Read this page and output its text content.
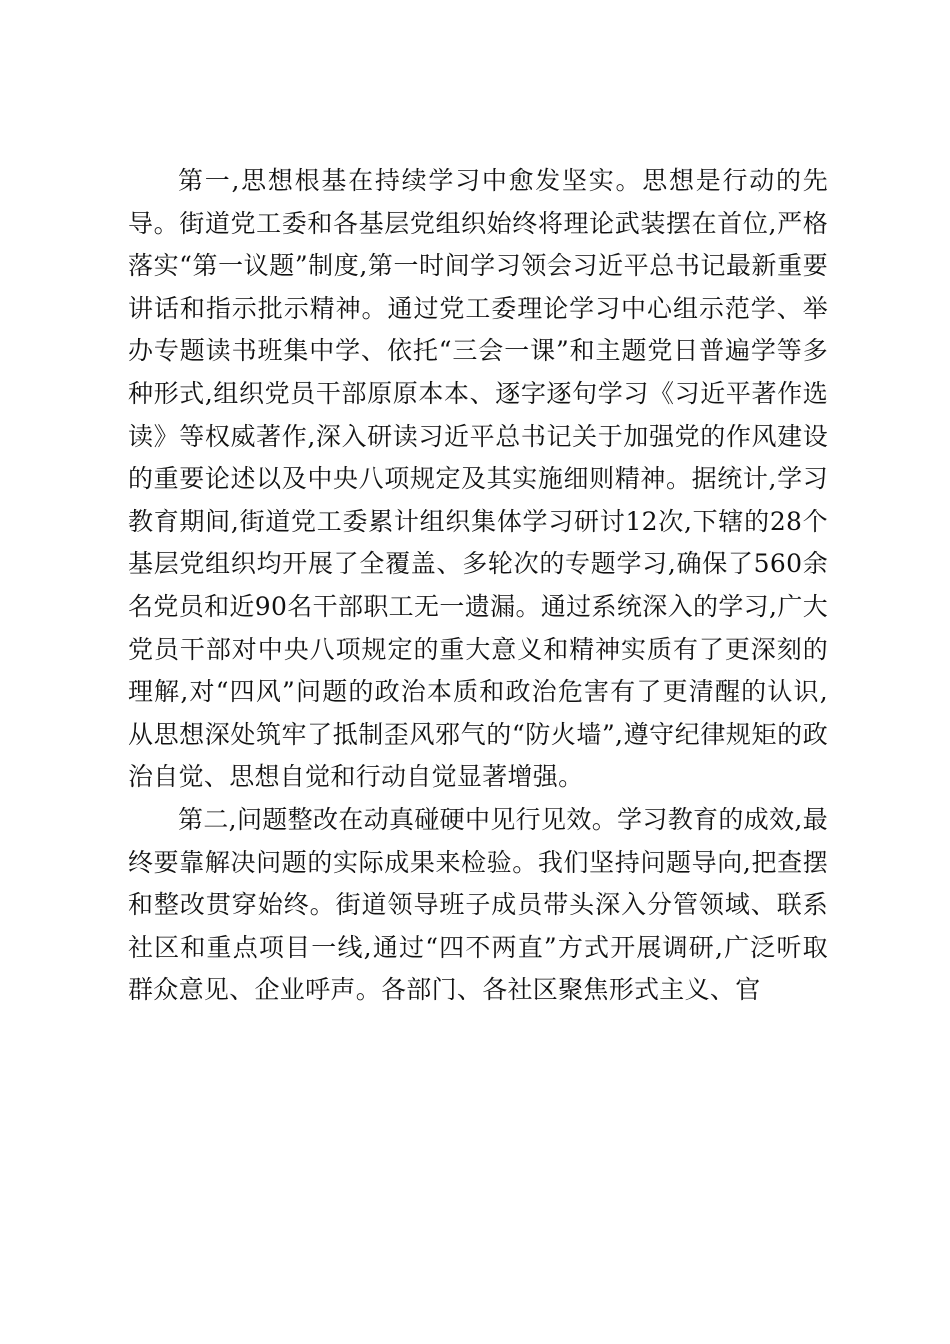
第一,思想根基在持续学习中愈发坚实。思想是行动的先导。街道党工委和各基层党组织始终将理论武装摆在首位,严格落实“第一议题”制度,第一时间学习领会习近平总书记最新重要讲话和指示批示精神。通过党工委理论学习中心组示范学、举办专题读书班集中学、依托“三会一课”和主题党日普遍学等多种形式,组织党员干部原原本本、逐字逐句学习《习近平著作选读》等权威著作,深入研读习近平总书记关于加强党的作风建设的重要论述以及中央八项规定及其实施细则精神。据统计,学习教育期间,街道党工委累计组织集体学习研讨12次,下辖的28个基层党组织均开展了全覆盖、多轮次的专题学习,确保了560余名党员和近90名干部职工无一遗漏。通过系统深入的学习,广大党员干部对中央八项规定的重大意义和精神实质有了更深刻的理解,对“四风”问题的政治本质和政治危害有了更清醒的认识,从思想深处筑牢了抵制歪风邪气的“防火墙”,遵守纪律规矩的政治自觉、思想自觉和行动自觉显著增强。

第二,问题整改在动真碰硬中见行见效。学习教育的成效,最终要靠解决问题的实际成果来检验。我们坚持问题导向,把查摆和整改贯穿始终。街道领导班子成员带头深入分管领域、联系社区和重点项目一线,通过“四不两直”方式开展调研,广泛听取群众意见、企业呼声。各部门、各社区聚焦形式主义、官
